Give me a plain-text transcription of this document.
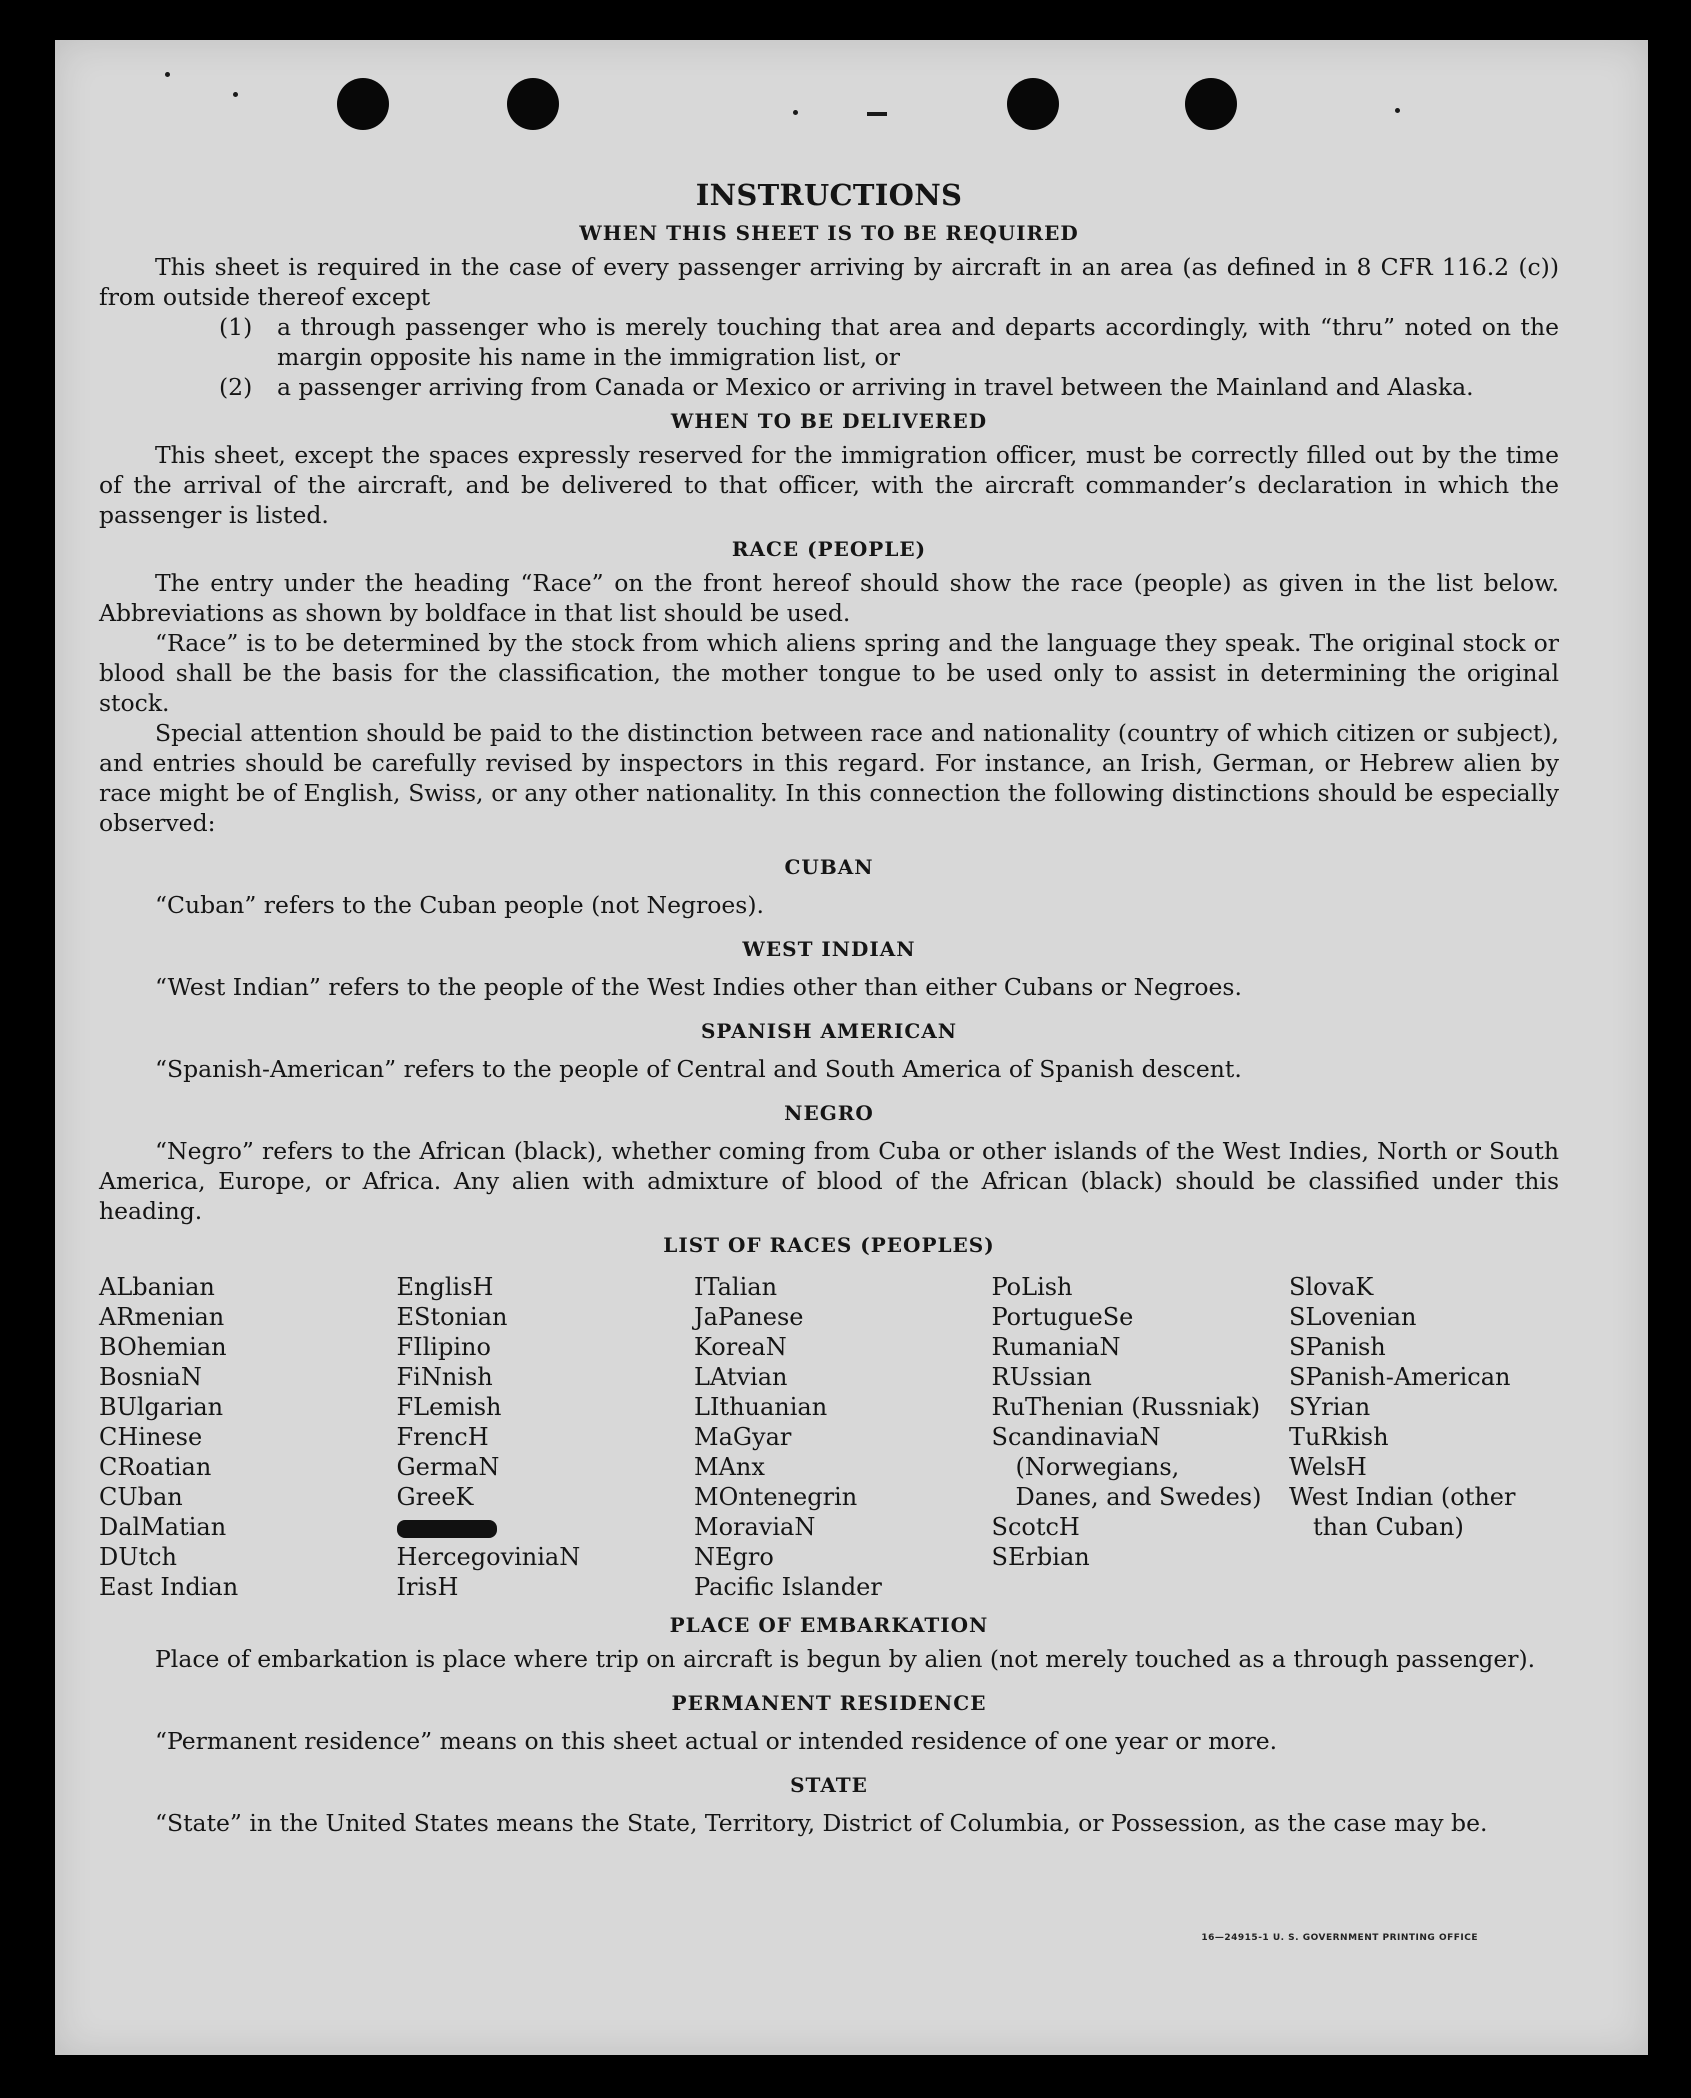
INSTRUCTIONS
WHEN THIS SHEET IS TO BE REQUIRED

This sheet is required in the case of every passenger arriving by aircraft in an area (as defined in 8 CFR 116.2 (c)) from outside thereof except

(1)	a through passenger who is merely touching that area and departs accordingly, with “thru” noted on the margin opposite his name in the immigration list, or
(2)	a passenger arriving from Canada or Mexico or arriving in travel between the Mainland and Alaska.
WHEN TO BE DELIVERED

This sheet, except the spaces expressly reserved for the immigration officer, must be correctly filled out by the time of the arrival of the aircraft, and be delivered to that officer, with the aircraft commander’s declaration in which the passenger is listed.

RACE (PEOPLE)

The entry under the heading “Race” on the front hereof should show the race (people) as given in the list below. Abbreviations as shown by boldface in that list should be used.

“Race” is to be determined by the stock from which aliens spring and the language they speak. The original stock or blood shall be the basis for the classification, the mother tongue to be used only to assist in determining the original stock.

Special attention should be paid to the distinction between race and nationality (country of which citizen or subject), and entries should be carefully revised by inspectors in this regard. For instance, an Irish, German, or Hebrew alien by race might be of English, Swiss, or any other nationality. In this connection the following distinctions should be especially observed:

CUBAN

“Cuban” refers to the Cuban people (not Negroes).

WEST INDIAN

“West Indian” refers to the people of the West Indies other than either Cubans or Negroes.

SPANISH AMERICAN

“Spanish-American” refers to the people of Central and South America of Spanish descent.

NEGRO

“Negro” refers to the African (black), whether coming from Cuba or other islands of the West Indies, North or South America, Europe, or Africa. Any alien with admixture of blood of the African (black) should be classified under this heading.

LIST OF RACES (PEOPLES)
ALbanian
ARmenian
BOhemian
BosniaN
BUlgarian
CHinese
CRoatian
CUban
DalMatian
DUtch
East Indian
EnglisH
EStonian
FIlipino
FiNnish
FLemish
FrencH
GermaN
GreeK
HercegoviniaN
IrisH
ITalian
JaPanese
KoreaN
LAtvian
LIthuanian
MaGyar
MAnx
MOntenegrin
MoraviaN
NEgro
Pacific Islander
PoLish
PortugueSe
RumaniaN
RUssian
RuThenian (Russniak)
ScandinaviaN (Norwegians, Danes, and Swedes)
ScotcH
SErbian
SlovaK
SLovenian
SPanish
SPanish-American
SYrian
TuRkish
WelsH
West Indian (other than Cuban)
PLACE OF EMBARKATION

Place of embarkation is place where trip on aircraft is begun by alien (not merely touched as a through passenger).

PERMANENT RESIDENCE

“Permanent residence” means on this sheet actual or intended residence of one year or more.

STATE

“State” in the United States means the State, Territory, District of Columbia, or Possession, as the case may be.

16—24915-1 U. S. GOVERNMENT PRINTING OFFICE
